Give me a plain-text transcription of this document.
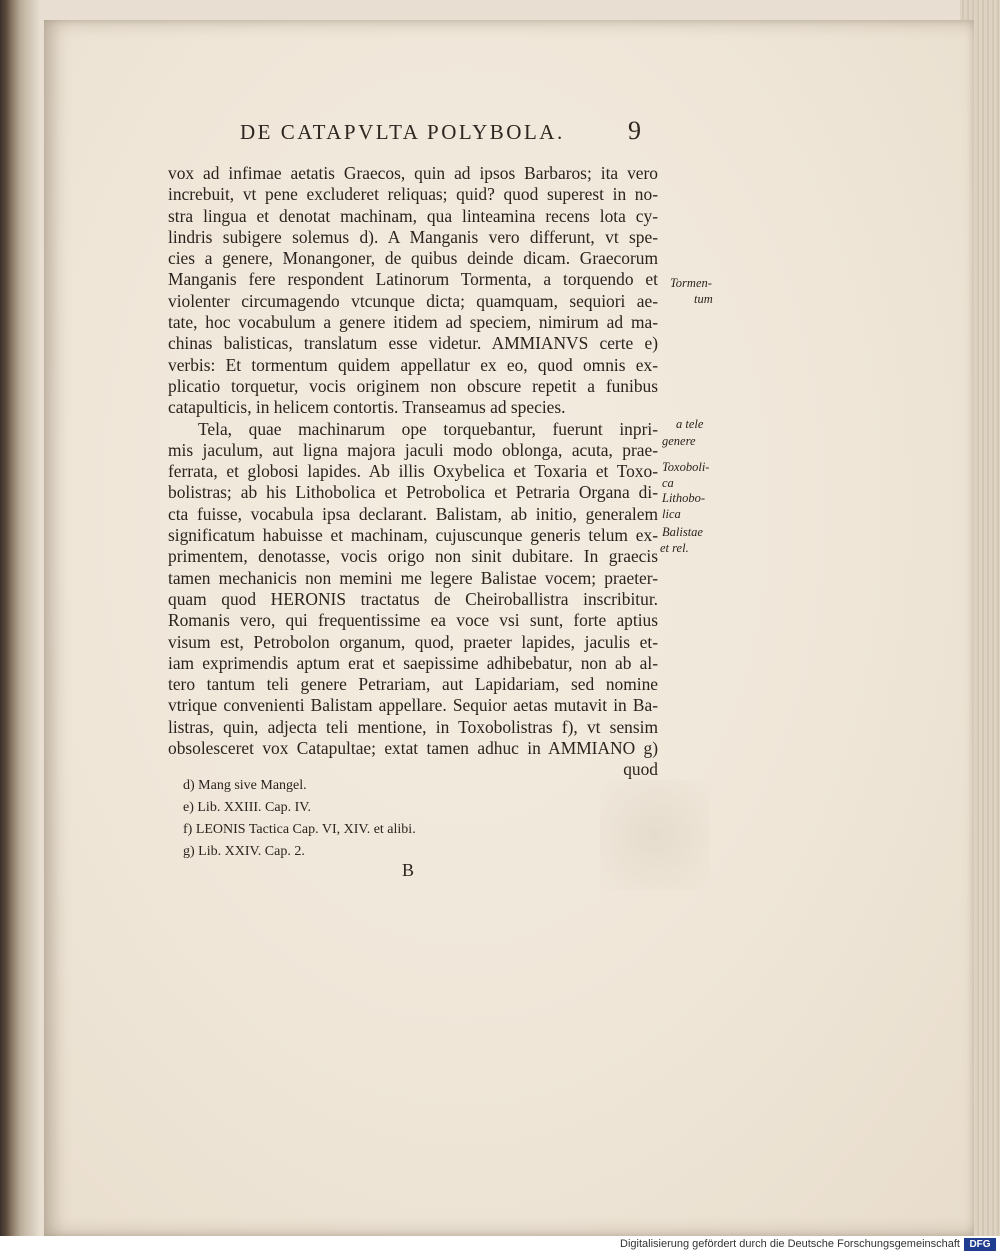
DE CATAPVLTA POLYBOLA.	9
vox ad infimae aetatis Graecos, quin ad ipsos Barbaros; ita vero
increbuit, vt pene excluderet reliquas; quid? quod superest in no-
stra lingua et denotat machinam, qua linteamina recens lota cy-
lindris subigere solemus d). A Manganis vero differunt, vt spe-
cies a genere, Monangoner, de quibus deinde dicam. Graecorum
Manganis fere respondent Latinorum Tormenta, a torquendo et
violenter circumagendo vtcunque dicta; quamquam, sequiori ae-
tate, hoc vocabulum a genere itidem ad speciem, nimirum ad ma-
chinas balisticas, translatum esse videtur. AMMIANVS certe e)
verbis: Et tormentum quidem appellatur ex eo, quod omnis ex-
plicatio torquetur, vocis originem non obscure repetit a funibus
catapulticis, in helicem contortis. Transeamus ad species.
Tela, quae machinarum ope torquebantur, fuerunt inpri-
mis jaculum, aut ligna majora jaculi modo oblonga, acuta, prae-
ferrata, et globosi lapides. Ab illis Oxybelica et Toxaria et Toxo-
bolistras; ab his Lithobolica et Petrobolica et Petraria Organa di-
cta fuisse, vocabula ipsa declarant. Balistam, ab initio, generalem
significatum habuisse et machinam, cujuscunque generis telum ex-
primentem, denotasse, vocis origo non sinit dubitare. In graecis
tamen mechanicis non memini me legere Balistae vocem; praeter-
quam quod HERONIS tractatus de Cheiroballistra inscribitur.
Romanis vero, qui frequentissime ea voce vsi sunt, forte aptius
visum est, Petrobolon organum, quod, praeter lapides, jaculis et-
iam exprimendis aptum erat et saepissime adhibebatur, non ab al-
tero tantum teli genere Petrariam, aut Lapidariam, sed nomine
vtrique convenienti Balistam appellare. Sequior aetas mutavit in Ba-
listras, quin, adjecta teli mentione, in Toxobolistras f), vt sensim
obsolesceret vox Catapultae; extat tamen adhuc in AMMIANO g)
quod
Tormen-
tum
a tele
genere
Toxoboli-
ca
Lithobo-
lica
Balistae
et rel.
d) Mang sive Mangel.
e) Lib. XXIII. Cap. IV.
f) LEONIS Tactica Cap. VI, XIV. et alibi.
g) Lib. XXIV. Cap. 2.
B
Digitalisierung gefördert durch die Deutsche Forschungsgemeinschaft DFG
